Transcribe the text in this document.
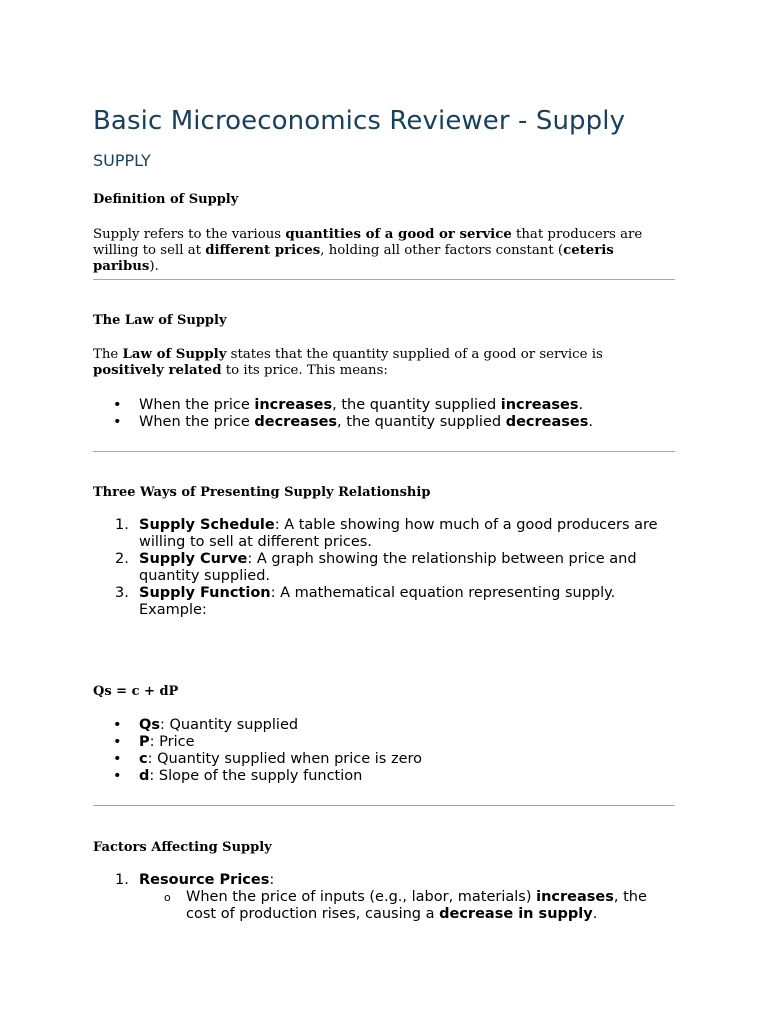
Basic Microeconomics Reviewer - Supply
SUPPLY
Definition of Supply

Supply refers to the various quantities of a good or service that producers are willing to sell at different prices, holding all other factors constant (ceteris paribus).

The Law of Supply

The Law of Supply states that the quantity supplied of a good or service is positively related to its price. This means:

• When the price increases, the quantity supplied increases.
• When the price decreases, the quantity supplied decreases.
Three Ways of Presenting Supply Relationship
1. Supply Schedule: A table showing how much of a good producers are willing to sell at different prices.
2. Supply Curve: A graph showing the relationship between price and quantity supplied.
3. Supply Function: A mathematical equation representing supply. Example:
Qs = c + dP
• Qs: Quantity supplied
• P: Price
• c: Quantity supplied when price is zero
• d: Slope of the supply function
Factors Affecting Supply
1. Resource Prices:
o When the price of inputs (e.g., labor, materials) increases, the cost of production rises, causing a decrease in supply.
